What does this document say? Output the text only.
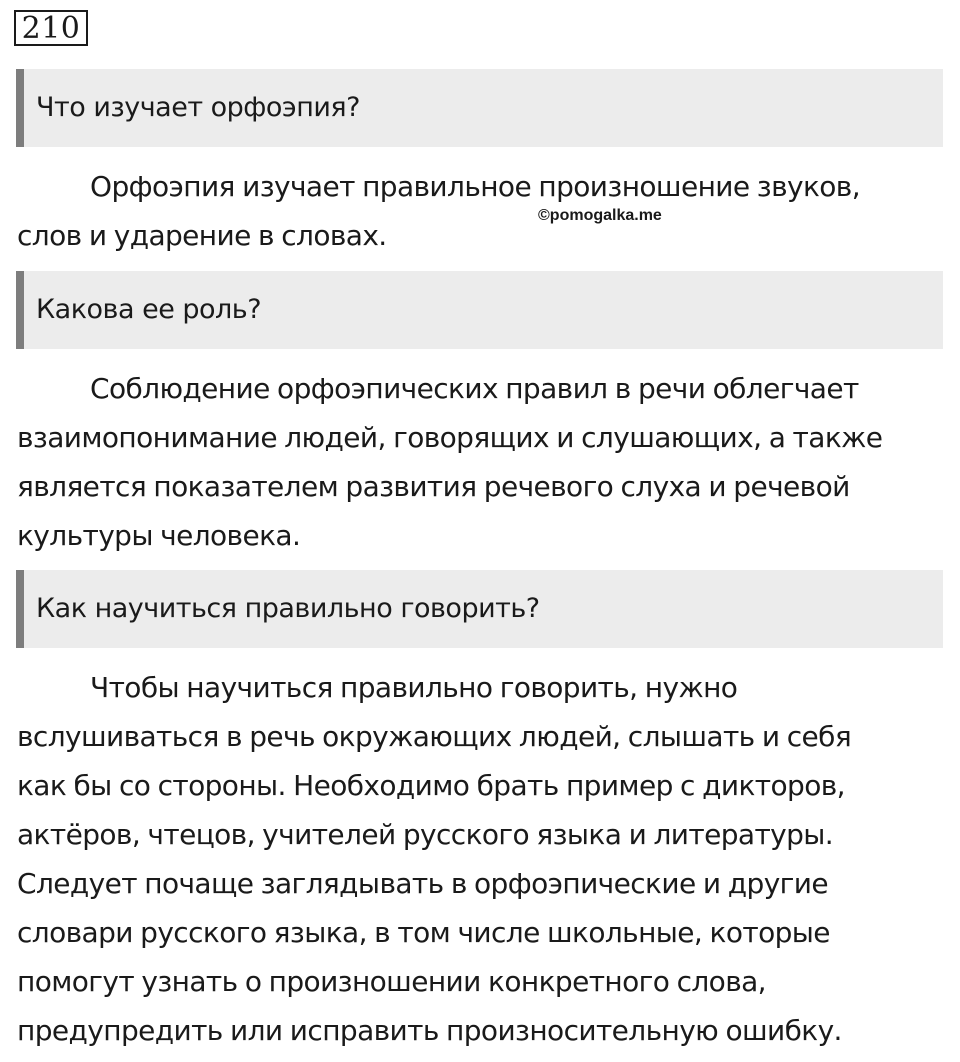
210
Что изучает орфоэпия?
Орфоэпия изучает правильное произношение звуков,
слов и ударение в словах.
©pomogalka.me
Какова ее роль?
Соблюдение орфоэпических правил в речи облегчает
взаимопонимание людей, говорящих и слушающих, а также
является показателем развития речевого слуха и речевой
культуры человека.
Как научиться правильно говорить?
Чтобы научиться правильно говорить, нужно
вслушиваться в речь окружающих людей, слышать и себя
как бы со стороны. Необходимо брать пример с дикторов,
актёров, чтецов, учителей русского языка и литературы.
Следует почаще заглядывать в орфоэпические и другие
словари русского языка, в том числе школьные, которые
помогут узнать о произношении конкретного слова,
предупредить или исправить произносительную ошибку.
